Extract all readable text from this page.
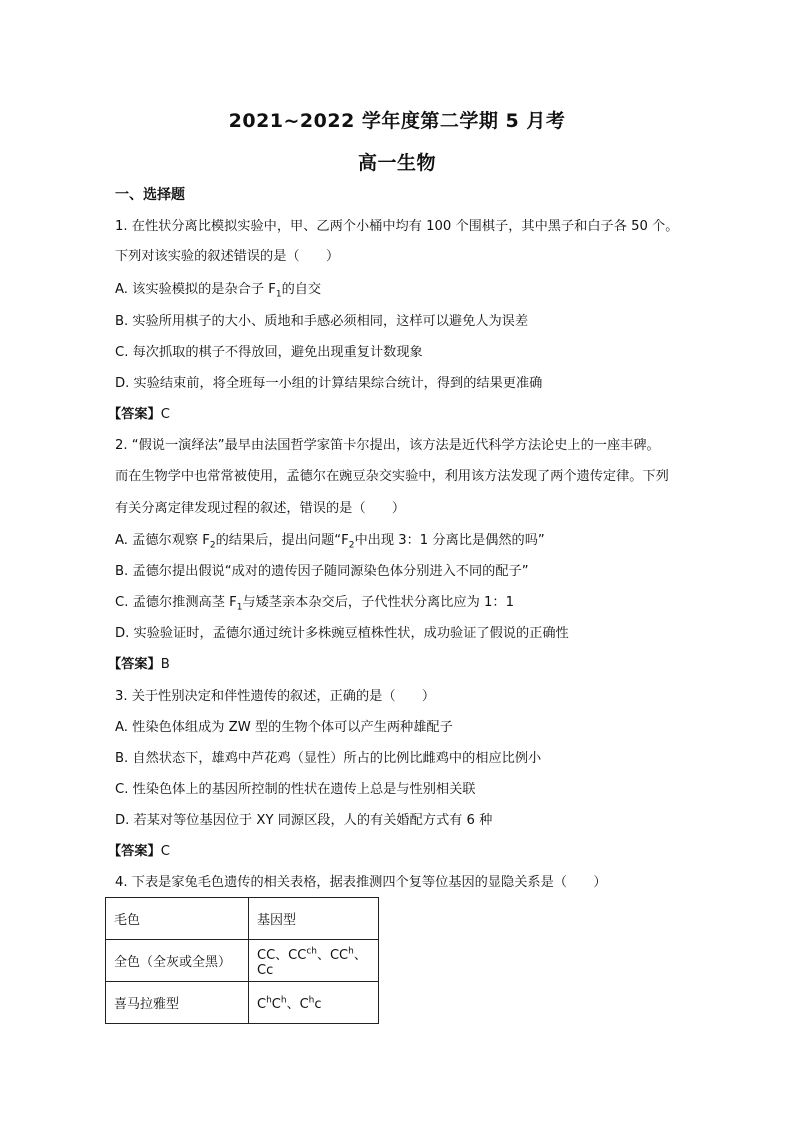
2021~2022 学年度第二学期 5 月考
高一生物
一、选择题
1. 在性状分离比模拟实验中，甲、乙两个小桶中均有 100 个围棋子，其中黑子和白子各 50 个。
下列对该实验的叙述错误的是（　　）
A. 该实验模拟的是杂合子 $F_1$的自交
B. 实验所用棋子的大小、质地和手感必须相同，这样可以避免人为误差
C. 每次抓取的棋子不得放回，避免出现重复计数现象
D. 实验结束前，将全班每一小组的计算结果综合统计，得到的结果更准确
【答案】C
2. “假说一演绎法”最早由法国哲学家笛卡尔提出，该方法是近代科学方法论史上的一座丰碑。
而在生物学中也常常被使用，孟德尔在豌豆杂交实验中，利用该方法发现了两个遗传定律。下列
有关分离定律发现过程的叙述，错误的是（　　）
A. 孟德尔观察 $F_2$的结果后，提出问题“$F_2$中出现 3：1 分离比是偶然的吗”
B. 孟德尔提出假说“成对的遗传因子随同源染色体分别进入不同的配子”
C. 孟德尔推测高茎 $F_1$与矮茎亲本杂交后，子代性状分离比应为 1：1
D. 实验验证时，孟德尔通过统计多株豌豆植株性状，成功验证了假说的正确性
【答案】B
3. 关于性别决定和伴性遗传的叙述，正确的是（　　）
A. 性染色体组成为 ZW 型的生物个体可以产生两种雄配子
B. 自然状态下，雄鸡中芦花鸡（显性）所占的比例比雌鸡中的相应比例小
C. 性染色体上的基因所控制的性状在遗传上总是与性别相关联
D. 若某对等位基因位于 XY 同源区段，人的有关婚配方式有 6 种
【答案】C
4. 下表是家兔毛色遗传的相关表格，据表推测四个复等位基因的显隐关系是（　　）
毛色	基因型
全色（全灰或全黑）	CC、$CC^{ch}$、$CC^h$、Cc
喜马拉雅型	$C^hC^h$、$C^hc$
